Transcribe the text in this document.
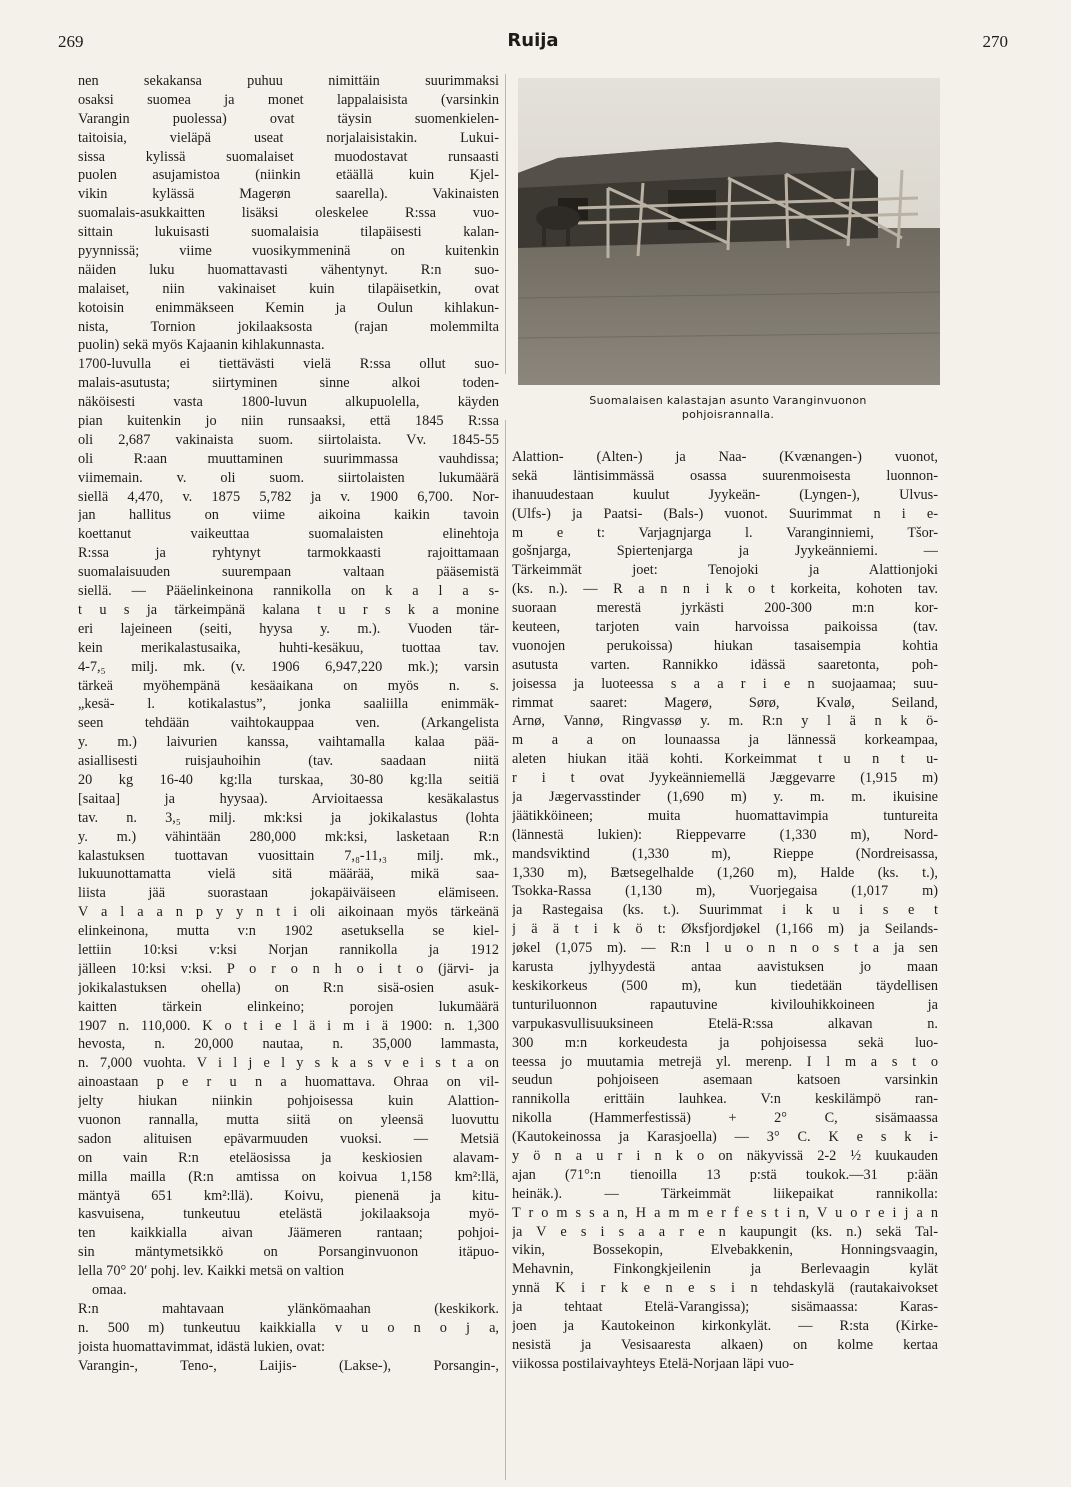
269	Ruija	270
nen sekakansa puhuu nimittäin suurimmaksi
osaksi suomea ja monet lappalaisista (varsinkin
Varangin puolessa) ovat täysin suomenkielen-
taitoisia, vieläpä useat norjalaisistakin. Lukui-
sissa kylissä suomalaiset muodostavat runsaasti
puolen asujamistoa (niinkin etäällä kuin Kjel-
vikin kylässä Magerøn saarella). Vakinaisten
suomalais-asukkaitten lisäksi oleskelee R:ssa vuo-
sittain lukuisasti suomalaisia tilapäisesti kalan-
pyynnissä; viime vuosikymmeninä on kuitenkin
näiden luku huomattavasti vähentynyt. R:n suo-
malaiset, niin vakinaiset kuin tilapäisetkin, ovat
kotoisin enimmäkseen Kemin ja Oulun kihlakun-
nista, Tornion jokilaaksosta (rajan molemmilta
puolin) sekä myös Kajaanin kihlakunnasta.
1700-luvulla ei tiettävästi vielä R:ssa ollut suo-
malais-asutusta; siirtyminen sinne alkoi toden-
näköisesti vasta 1800-luvun alkupuolella, käyden
pian kuitenkin jo niin runsaaksi, että 1845 R:ssa
oli 2,687 vakinaista suom. siirtolaista. Vv. 1845-55
oli R:aan muuttaminen suurimmassa vauhdissa;
viimemain. v. oli suom. siirtolaisten lukumäärä
siellä 4,470, v. 1875 5,782 ja v. 1900 6,700. Nor-
jan hallitus on viime aikoina kaikin tavoin
koettanut vaikeuttaa suomalaisten elinehtoja
R:ssa ja ryhtynyt tarmokkaasti rajoittamaan
suomalaisuuden suurempaan valtaan pääsemistä
siellä. — Pääelinkeinona rannikolla on k a l a s-
t u s ja tärkeimpänä kalana t u r s k a monine
eri lajeineen (seiti, hyysa y. m.). Vuoden tär-
kein merikalastusaika, huhti-kesäkuu, tuottaa tav.
4-7,₅ milj. mk. (v. 1906 6,947,220 mk.); varsin
tärkeä myöhempänä kesäaikana on myös n. s.
„kesä- l. kotikalastus”, jonka saaliilla enimmäk-
seen tehdään vaihtokauppaa ven. (Arkangelista
y. m.) laivurien kanssa, vaihtamalla kalaa pää-
asiallisesti ruisjauhoihin (tav. saadaan niitä
20 kg 16-40 kg:lla turskaa, 30-80 kg:lla seitiä
[saitaa] ja hyysaa). Arvioitaessa kesäkalastus
tav. n. 3,₅ milj. mk:ksi ja jokikalastus (lohta
y. m.) vähintään 280,000 mk:ksi, lasketaan R:n
kalastuksen tuottavan vuosittain 7,₈-11,₃ milj. mk.,
lukuunottamatta vielä sitä määrää, mikä saa-
liista jää suorastaan jokapäiväiseen elämiseen.
V a l a a n p y y n t i oli aikoinaan myös tärkeänä
elinkeinona, mutta v:n 1902 asetuksella se kiel-
lettiin 10:ksi v:ksi Norjan rannikolla ja 1912
jälleen 10:ksi v:ksi. P o r o n h o i t o (järvi- ja
jokikalastuksen ohella) on R:n sisä-osien asuk-
kaitten tärkein elinkeino; porojen lukumäärä
1907 n. 110,000. K o t i e l ä i m i ä 1900: n. 1,300
hevosta, n. 20,000 nautaa, n. 35,000 lammasta,
n. 7,000 vuohta. V i l j e l y s k a s v e i s t a on
ainoastaan p e r u n a huomattava. Ohraa on vil-
jelty hiukan niinkin pohjoisessa kuin Alattion-
vuonon rannalla, mutta siitä on yleensä luovuttu
sadon alituisen epävarmuuden vuoksi. — Metsiä
on vain R:n eteläosissa ja keskiosien alavam-
milla mailla (R:n amtissa on koivua 1,158 km²:llä,
mäntyä 651 km²:llä). Koivu, pienenä ja kitu-
kasvuisena, tunkeutuu etelästä jokilaaksoja myö-
ten kaikkialla aivan Jäämeren rantaan; pohjoi-
sin mäntymetsikkö on Porsanginvuonon itäpuo-
lella 70° 20′ pohj. lev. Kaikki metsä on valtion
omaa.
R:n mahtavaan ylänkömaahan (keskikork.
n. 500 m) tunkeutuu kaikkialla v u o n o j a,
joista huomattavimmat, idästä lukien, ovat:
Varangin-, Teno-, Laijis- (Lakse-), Porsangin-,
Suomalaisen kalastajan asunto Varanginvuonon
pohjoisrannalla.
Alattion- (Alten-) ja Naa- (Kvænangen-) vuonot,
sekä läntisimmässä osassa suurenmoisesta luonnon-
ihanuudestaan kuulut Jyykeän- (Lyngen-), Ulvus-
(Ulfs-) ja Paatsi- (Bals-) vuonot. Suurimmat n i e-
m e t: Varjagnjarga l. Varanginniemi, Tšor-
gošnjarga, Spiertenjarga ja Jyykeänniemi. —
Tärkeimmät joet: Tenojoki ja Alattionjoki
(ks. n.). — R a n n i k o t korkeita, kohoten tav.
suoraan merestä jyrkästi 200-300 m:n kor-
keuteen, tarjoten vain harvoissa paikoissa (tav.
vuonojen perukoissa) hiukan tasaisempia kohtia
asutusta varten. Rannikko idässä saaretonta, poh-
joisessa ja luoteessa s a a r i e n suojaamaa; suu-
rimmat saaret: Magerø, Sørø, Kvalø, Seiland,
Arnø, Vannø, Ringvassø y. m. R:n y l ä n k ö-
m a a on lounaassa ja lännessä korkeampaa,
aleten hiukan itää kohti. Korkeimmat t u n t u-
r i t ovat Jyykeänniemellä Jæggevarre (1,915 m)
ja Jægervasstinder (1,690 m) y. m. m. ikuisine
jäätikköineen; muita huomattavimpia tuntureita
(lännestä lukien): Rieppevarre (1,330 m), Nord-
mandsviktind (1,330 m), Rieppe (Nordreisassa,
1,330 m), Bætsegelhalde (1,260 m), Halde (ks. t.),
Tsokka-Rassa (1,130 m), Vuorjegaisa (1,017 m)
ja Rastegaisa (ks. t.). Suurimmat i k u i s e t
j ä ä t i k ö t: Øksfjordjøkel (1,166 m) ja Seilands-
jøkel (1,075 m). — R:n l u o n n o s t a ja sen
karusta jylhyydestä antaa aavistuksen jo maan
keskikorkeus (500 m), kun tiedetään täydellisen
tunturiluonnon rapautuvine kivilouhikkoineen ja
varpukasvullisuuksineen Etelä-R:ssa alkavan n.
300 m:n korkeudesta ja pohjoisessa sekä luo-
teessa jo muutamia metrejä yl. merenp. I l m a s t o
seudun pohjoiseen asemaan katsoen varsinkin
rannikolla erittäin lauhkea. V:n keskilämpö ran-
nikolla (Hammerfestissä) + 2° C, sisämaassa
(Kautokeinossa ja Karasjoella) — 3° C. K e s k i-
y ö n a u r i n k o on näkyvissä 2-2 ½ kuukauden
ajan (71°:n tienoilla 13 p:stä toukok.—31 p:ään
heinäk.). — Tärkeimmät liikepaikat rannikolla:
T r o m s s a n, H a m m e r f e s t i n, V u o r e i j a n
ja V e s i s a a r e n kaupungit (ks. n.) sekä Tal-
vikin, Bossekopin, Elvebakkenin, Honningsvaagin,
Mehavnin, Finkongkjeilenin ja Berlevaagin kylät
ynnä K i r k e n e s i n tehdaskylä (rautakaivokset
ja tehtaat Etelä-Varangissa); sisämaassa: Karas-
joen ja Kautokeinon kirkonkylät. — R:sta (Kirke-
nesistä ja Vesisaaresta alkaen) on kolme kertaa
viikossa postilaivayhteys Etelä-Norjaan läpi vuo-
